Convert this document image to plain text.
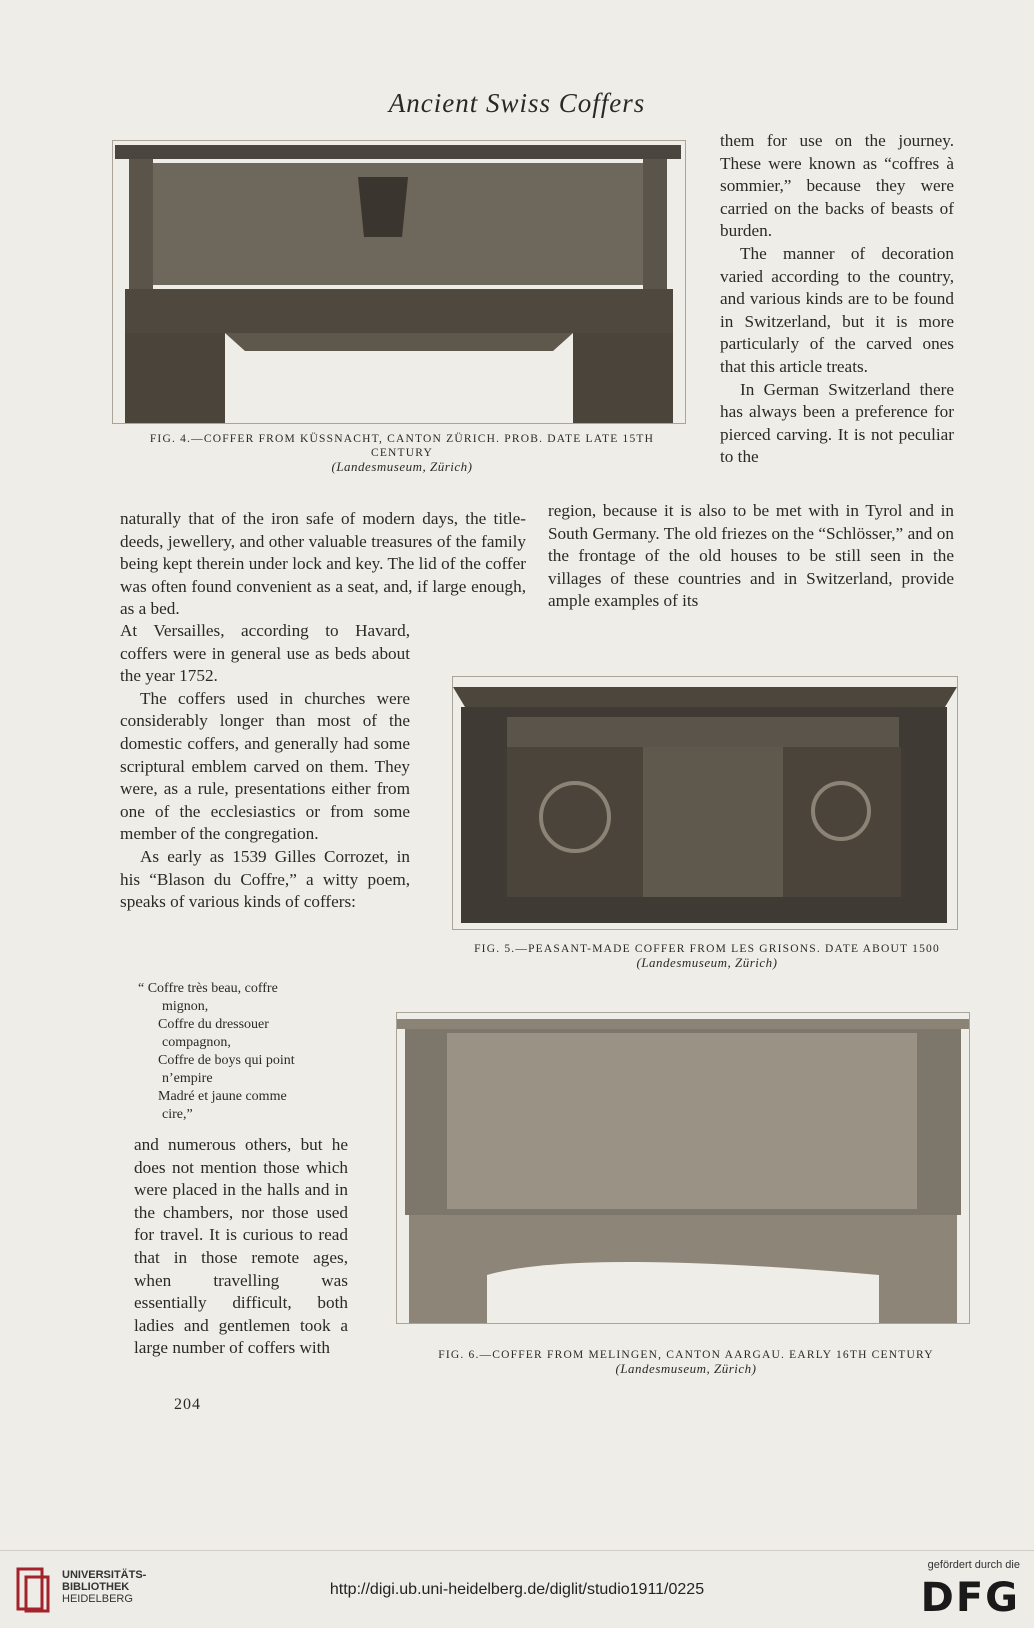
Ancient Swiss Coffers
FIG. 4.—COFFER FROM KÜSSNACHT, CANTON ZÜRICH. PROB. DATE LATE 15TH CENTURY
(Landesmuseum, Zürich)

them for use on the journey. These were known as “coffres à sommier,” because they were carried on the backs of beasts of burden.

The manner of decoration varied according to the country, and various kinds are to be found in Switzerland, but it is more particularly of the carved ones that this article treats.

In German Switzerland there has always been a preference for pierced carving. It is not peculiar to the

naturally that of the iron safe of modern days, the title-deeds, jewellery, and other valuable treasures of the family being kept therein under lock and key. The lid of the coffer was often found convenient as a seat, and, if large enough, as a bed.
region, because it is also to be met with in Tyrol and in South Germany. The old friezes on the “Schlösser,” and on the frontage of the old houses to be still seen in the villages of these countries and in Switzerland, provide ample examples of its

At Versailles, according to Havard, coffers were in general use as beds about the year 1752.

The coffers used in churches were considerably longer than most of the domestic coffers, and generally had some scriptural emblem carved on them. They were, as a rule, presentations either from one of the ecclesiastics or from some member of the congregation.

As early as 1539 Gilles Corrozet, in his “Blason du Coffre,” a witty poem, speaks of various kinds of coffers:

FIG. 5.—PEASANT-MADE COFFER FROM LES GRISONS. DATE ABOUT 1500
(Landesmuseum, Zürich)
“ Coffre très beau, coffre
mignon,
Coffre du dressouer
compagnon,
Coffre de boys qui point
n’empire
Madré et jaune comme
cire,”
and numerous others, but he does not mention those which were placed in the halls and in the chambers, nor those used for travel. It is curious to read that in those remote ages, when travelling was essentially difficult, both ladies and gentlemen took a large number of coffers with	FIG. 6.—COFFER FROM MELINGEN, CANTON AARGAU. EARLY 16TH CENTURY
(Landesmuseum, Zürich)
204
UNIVERSITÄTS-
BIBLIOTHEK
HEIDELBERG
http://digi.ub.uni-heidelberg.de/diglit/studio1911/0225
gefördert durch die
DFG
